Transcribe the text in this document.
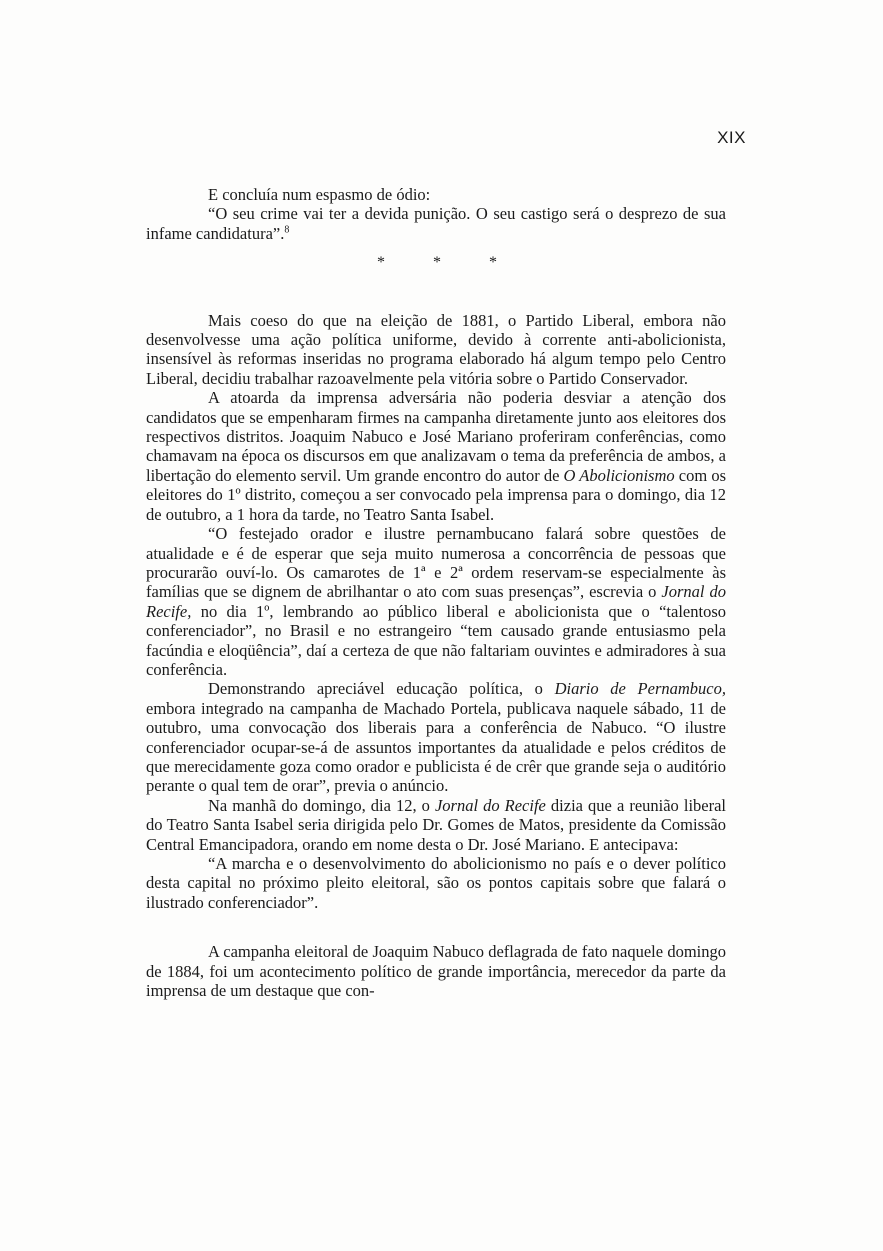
XIX

E concluía num espasmo de ódio:

“O seu crime vai ter a devida punição. O seu castigo será o desprezo de sua infame candidatura”.$^8$

* * *

Mais coeso do que na eleição de 1881, o Partido Liberal, embora não desenvolvesse uma ação política uniforme, devido à corrente anti-abolicionista, insensível às reformas inseridas no programa elaborado há algum tempo pelo Centro Liberal, decidiu trabalhar razoavelmente pela vitória sobre o Partido Conservador.

A atoarda da imprensa adversária não poderia desviar a atenção dos candidatos que se empenharam firmes na campanha diretamente junto aos eleitores dos respectivos distritos. Joaquim Nabuco e José Mariano proferiram conferências, como chamavam na época os discursos em que analizavam o tema da preferência de ambos, a libertação do elemento servil. Um grande encontro do autor de O Abolicionismo com os eleitores do 1º distrito, começou a ser convocado pela imprensa para o domingo, dia 12 de outubro, a 1 hora da tarde, no Teatro Santa Isabel.

“O festejado orador e ilustre pernambucano falará sobre questões de atualidade e é de esperar que seja muito numerosa a concorrência de pessoas que procurarão ouví-lo. Os camarotes de 1ª e 2ª ordem reservam-se especialmente às famílias que se dignem de abrilhantar o ato com suas presenças”, escrevia o Jornal do Recife, no dia 1º, lembrando ao público liberal e abolicionista que o “talentoso conferenciador”, no Brasil e no estrangeiro “tem causado grande entusiasmo pela facúndia e eloqüência”, daí a certeza de que não faltariam ouvintes e admiradores à sua conferência.

Demonstrando apreciável educação política, o Diario de Pernambuco, embora integrado na campanha de Machado Portela, publicava naquele sábado, 11 de outubro, uma convocação dos liberais para a conferência de Nabuco. “O ilustre conferenciador ocupar-se-á de assuntos importantes da atualidade e pelos créditos de que merecidamente goza como orador e publicista é de crêr que grande seja o auditório perante o qual tem de orar”, previa o anúncio.

Na manhã do domingo, dia 12, o Jornal do Recife dizia que a reunião liberal do Teatro Santa Isabel seria dirigida pelo Dr. Gomes de Matos, presidente da Comissão Central Emancipadora, orando em nome desta o Dr. José Mariano. E antecipava:

“A marcha e o desenvolvimento do abolicionismo no país e o dever político desta capital no próximo pleito eleitoral, são os pontos capitais sobre que falará o ilustrado conferenciador”.

A campanha eleitoral de Joaquim Nabuco deflagrada de fato naquele domingo de 1884, foi um acontecimento político de grande importância, merecedor da parte da imprensa de um destaque que con-
